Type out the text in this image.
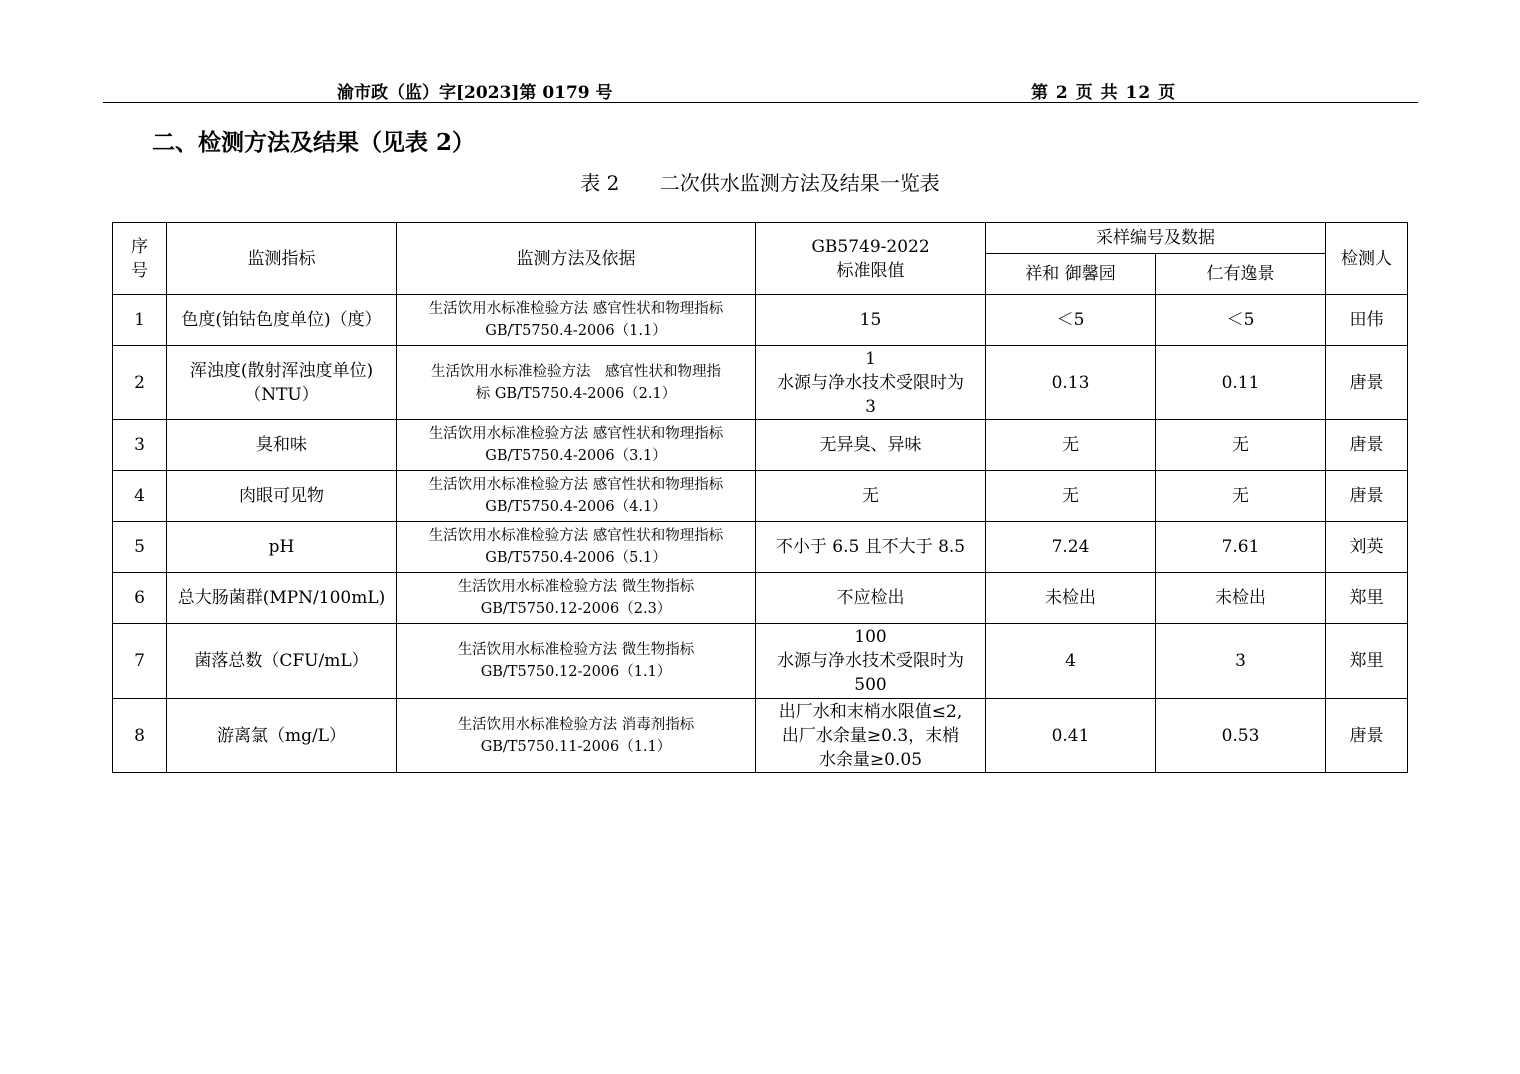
渝市政（监）字[2023]第 0179 号	第 2 页 共 12 页
二、检测方法及结果（见表 2）
表 2 二次供水监测方法及结果一览表
序
号	监测指标	监测方法及依据	GB5749-2022
标准限值	采样编号及数据		检测人
				祥和 御馨园	仁有逸景	
1	色度(铂钴色度单位)（度）	生活饮用水标准检验方法 感官性状和物理指标
GB/T5750.4-2006（1.1）	15	＜5	＜5	田伟
2	浑浊度(散射浑浊度单位)
（NTU）	生活饮用水标准检验方法　感官性状和物理指
标 GB/T5750.4-2006（2.1）	1
水源与净水技术受限时为
3	0.13	0.11	唐景
3	臭和味	生活饮用水标准检验方法 感官性状和物理指标
GB/T5750.4-2006（3.1）	无异臭、异味	无	无	唐景
4	肉眼可见物	生活饮用水标准检验方法 感官性状和物理指标
GB/T5750.4-2006（4.1）	无	无	无	唐景
5	pH	生活饮用水标准检验方法 感官性状和物理指标
GB/T5750.4-2006（5.1）	不小于 6.5 且不大于 8.5	7.24	7.61	刘英
6	总大肠菌群(MPN/100mL)	生活饮用水标准检验方法 微生物指标
GB/T5750.12-2006（2.3）	不应检出	未检出	未检出	郑里
7	菌落总数（CFU/mL）	生活饮用水标准检验方法 微生物指标
GB/T5750.12-2006（1.1）	100
水源与净水技术受限时为
500	4	3	郑里
8	游离氯（mg/L）	生活饮用水标准检验方法 消毒剂指标
GB/T5750.11-2006（1.1）	出厂水和末梢水限值≤2,
出厂水余量≥0.3，末梢
水余量≥0.05	0.41	0.53	唐景
